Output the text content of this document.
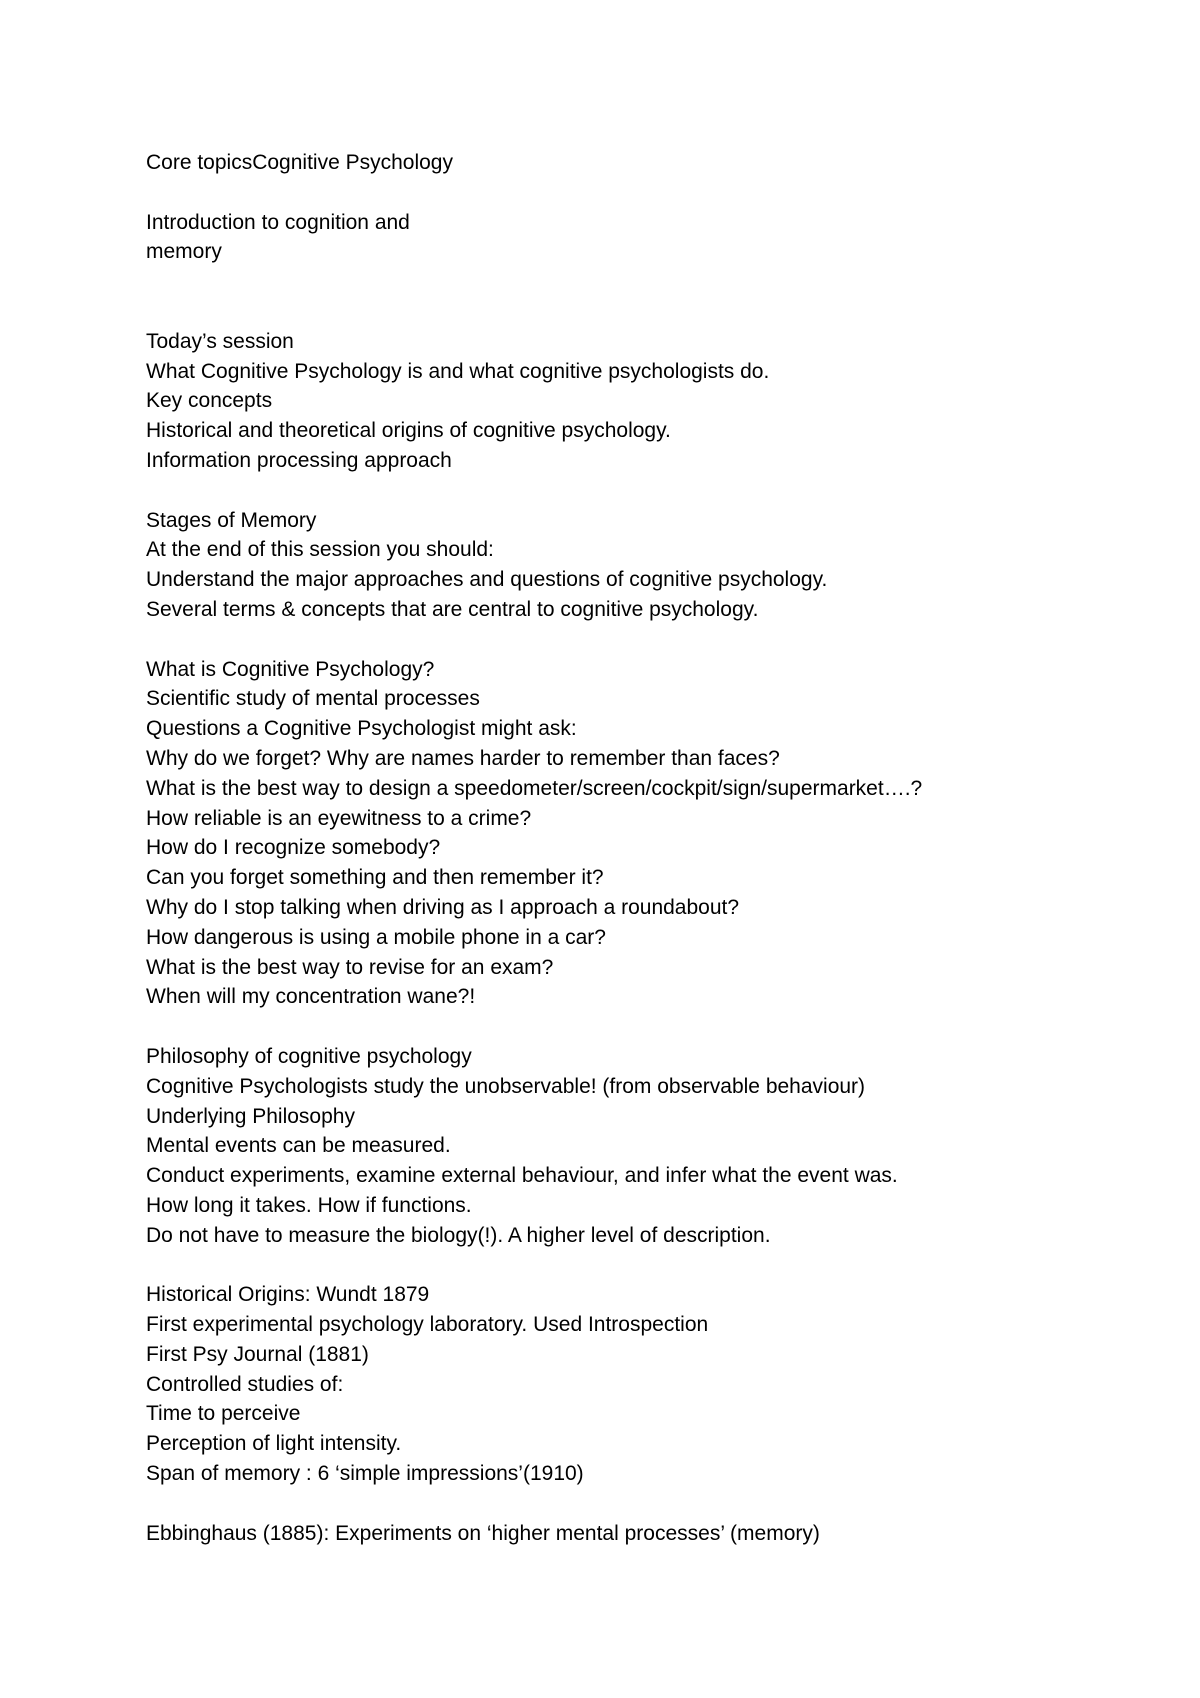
Core topicsCognitive Psychology
Introduction to cognition and
memory
Today’s session
What Cognitive Psychology is and what cognitive psychologists do.
Key concepts
Historical and theoretical origins of cognitive psychology.
Information processing approach
Stages of Memory
At the end of this session you should:
Understand the major approaches and questions of cognitive psychology.
Several terms & concepts that are central to cognitive psychology.
What is Cognitive Psychology?
Scientific study of mental processes
Questions a Cognitive Psychologist might ask:
Why do we forget? Why are names harder to remember than faces?
What is the best way to design a speedometer/screen/cockpit/sign/supermarket….?
How reliable is an eyewitness to a crime?
How do I recognize somebody?
Can you forget something and then remember it?
Why do I stop talking when driving as I approach a roundabout?
How dangerous is using a mobile phone in a car?
What is the best way to revise for an exam?
When will my concentration wane?!
Philosophy of cognitive psychology
Cognitive Psychologists study the unobservable! (from observable behaviour)
Underlying Philosophy
Mental events can be measured.
Conduct experiments, examine external behaviour, and infer what the event was.
How long it takes. How if functions.
Do not have to measure the biology(!). A higher level of description.
Historical Origins: Wundt 1879
First experimental psychology laboratory. Used Introspection
First Psy Journal (1881)
Controlled studies of:
Time to perceive
Perception of light intensity.
Span of memory : 6 ‘simple impressions’(1910)
Ebbinghaus (1885): Experiments on ‘higher mental processes’ (memory)
